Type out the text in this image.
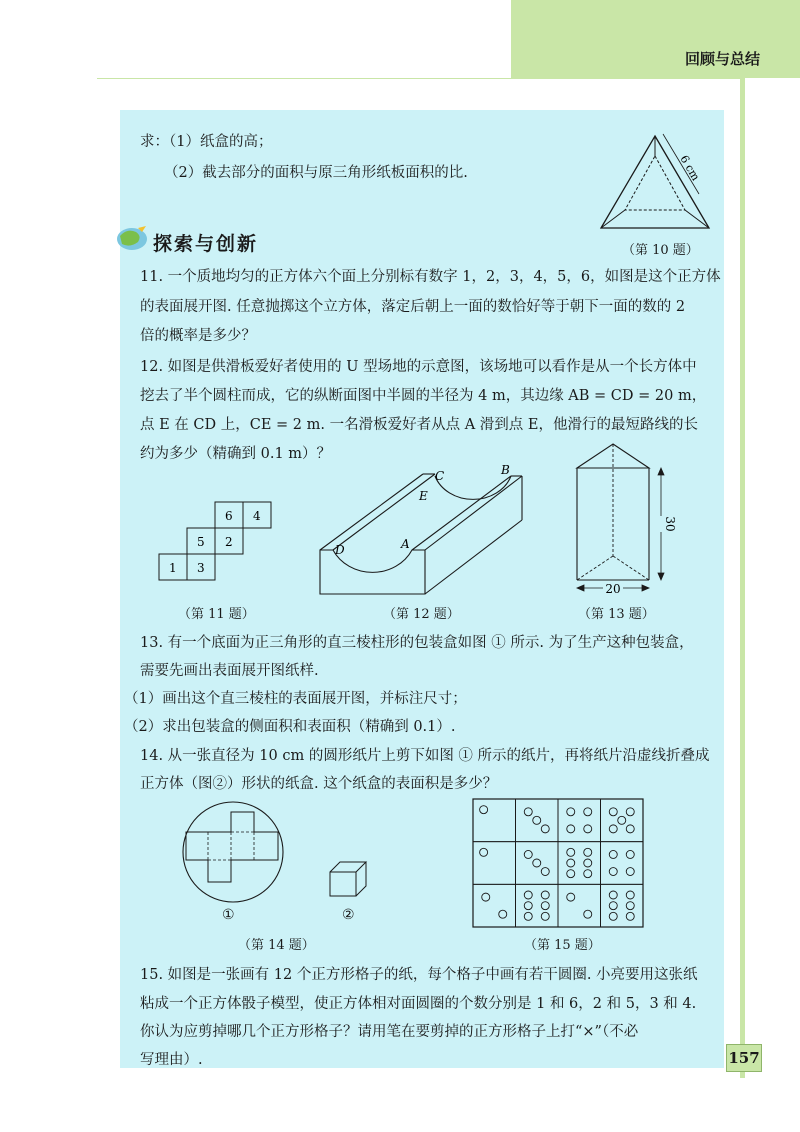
回顾与总结
求：（1）纸盒的高；
（2）截去部分的面积与原三角形纸板面积的比.	6 cm
（第 10 题）
探索与创新
11. 一个质地均匀的正方体六个面上分别标有数字 1，2，3，4，5，6，如图是这个正方体
的表面展开图. 任意抛掷这个立方体，落定后朝上一面的数恰好等于朝下一面的数的 2
倍的概率是多少？
12. 如图是供滑板爱好者使用的 U 型场地的示意图，该场地可以看作是从一个长方体中
挖去了半个圆柱而成，它的纵断面图中半圆的半径为 4 m，其边缘 AB = CD = 20 m，
点 E 在 CD 上，CE = 2 m. 一名滑板爱好者从点 A 滑到点 E，他滑行的最短路线的长
约为多少（精确到 0.1 m）？
6 4
5 2
1 3
（第 11 题）
C	B
E
A
D
（第 12 题）
30
20
（第 13 题）
13. 有一个底面为正三角形的直三棱柱形的包装盒如图 ① 所示. 为了生产这种包装盒，
需要先画出表面展开图纸样.
（1）画出这个直三棱柱的表面展开图，并标注尺寸；
（2）求出包装盒的侧面积和表面积（精确到 0.1）.
14. 从一张直径为 10 cm 的圆形纸片上剪下如图 ① 所示的纸片，再将纸片沿虚线折叠成
正方体（图②）形状的纸盒. 这个纸盒的表面积是多少？
①	②
（第 14 题）	（第 15 题）
15. 如图是一张画有 12 个正方形格子的纸，每个格子中画有若干圆圈. 小亮要用这张纸
粘成一个正方体骰子模型，使正方体相对面圆圈的个数分别是 1 和 6，2 和 5，3 和 4.
你认为应剪掉哪几个正方形格子？请用笔在要剪掉的正方形格子上打“×”（不必
写理由）.	157
